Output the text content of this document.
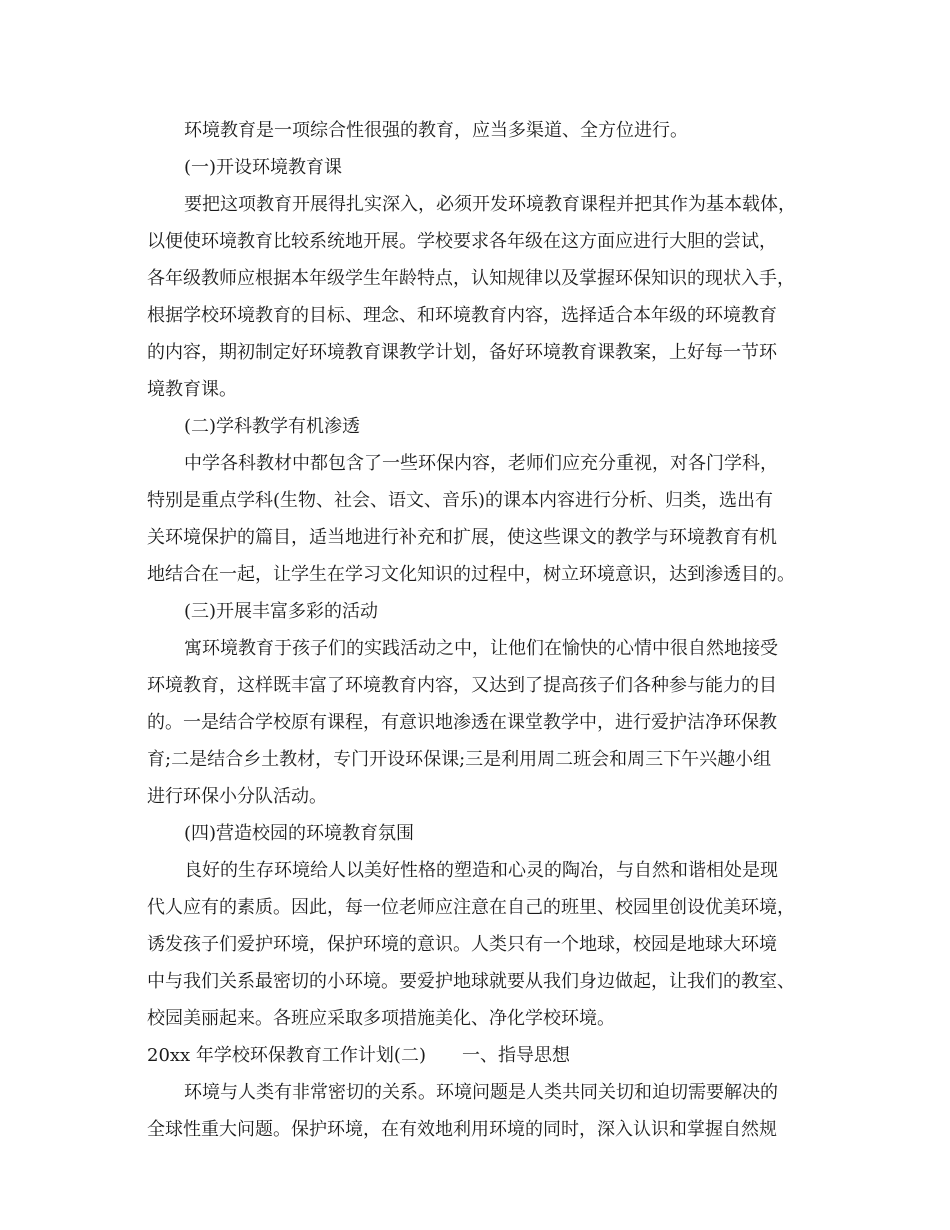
环境教育是一项综合性很强的教育，应当多渠道、全方位进行。
(一)开设环境教育课
要把这项教育开展得扎实深入，必须开发环境教育课程并把其作为基本载体，
以便使环境教育比较系统地开展。学校要求各年级在这方面应进行大胆的尝试，
各年级教师应根据本年级学生年龄特点，认知规律以及掌握环保知识的现状入手，
根据学校环境教育的目标、理念、和环境教育内容，选择适合本年级的环境教育
的内容，期初制定好环境教育课教学计划，备好环境教育课教案，上好每一节环
境教育课。
(二)学科教学有机渗透
中学各科教材中都包含了一些环保内容，老师们应充分重视，对各门学科，
特别是重点学科(生物、社会、语文、音乐)的课本内容进行分析、归类，选出有
关环境保护的篇目，适当地进行补充和扩展，使这些课文的教学与环境教育有机
地结合在一起，让学生在学习文化知识的过程中，树立环境意识，达到渗透目的。
(三)开展丰富多彩的活动
寓环境教育于孩子们的实践活动之中，让他们在愉快的心情中很自然地接受
环境教育，这样既丰富了环境教育内容，又达到了提高孩子们各种参与能力的目
的。一是结合学校原有课程，有意识地渗透在课堂教学中，进行爱护洁净环保教
育;二是结合乡土教材，专门开设环保课;三是利用周二班会和周三下午兴趣小组
进行环保小分队活动。
(四)营造校园的环境教育氛围
良好的生存环境给人以美好性格的塑造和心灵的陶冶，与自然和谐相处是现
代人应有的素质。因此，每一位老师应注意在自己的班里、校园里创设优美环境，
诱发孩子们爱护环境，保护环境的意识。人类只有一个地球，校园是地球大环境
中与我们关系最密切的小环境。要爱护地球就要从我们身边做起，让我们的教室、
校园美丽起来。各班应采取多项措施美化、净化学校环境。
20xx 年学校环保教育工作计划(二)　　一、指导思想
环境与人类有非常密切的关系。环境问题是人类共同关切和迫切需要解决的
全球性重大问题。保护环境，在有效地利用环境的同时，深入认识和掌握自然规
